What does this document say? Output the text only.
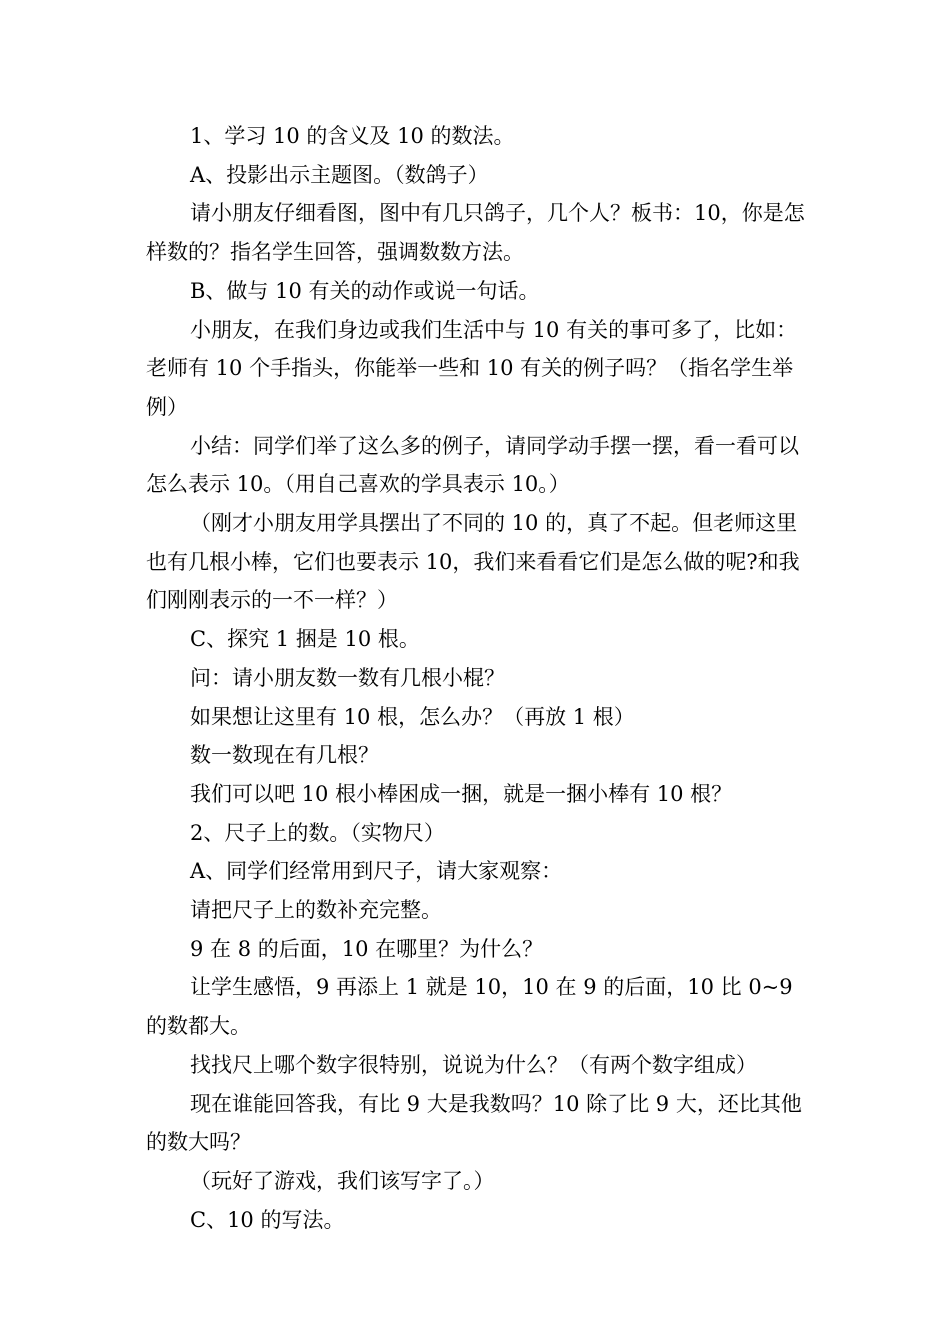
1、学习 10 的含义及 10 的数法。

A、投影出示主题图。（数鸽子）

请小朋友仔细看图，图中有几只鸽子，几个人？板书：10，你是怎样数的？指名学生回答，强调数数方法。

B、做与 10 有关的动作或说一句话。

小朋友，在我们身边或我们生活中与 10 有关的事可多了，比如：老师有 10 个手指头，你能举一些和 10 有关的例子吗？（指名学生举例）

小结：同学们举了这么多的例子，请同学动手摆一摆，看一看可以怎么表示 10。（用自己喜欢的学具表示 10。）

（刚才小朋友用学具摆出了不同的 10 的，真了不起。但老师这里也有几根小棒，它们也要表示 10，我们来看看它们是怎么做的呢?和我们刚刚表示的一不一样？）

C、探究 1 捆是 10 根。

问：请小朋友数一数有几根小棍？

如果想让这里有 10 根，怎么办？（再放 1 根）

数一数现在有几根？

我们可以吧 10 根小棒困成一捆，就是一捆小棒有 10 根？

2、尺子上的数。（实物尺）

A、同学们经常用到尺子，请大家观察：

请把尺子上的数补充完整。

9 在 8 的后面，10 在哪里？为什么？

让学生感悟，9 再添上 1 就是 10，10 在 9 的后面，10 比 0~9 的数都大。

找找尺上哪个数字很特别，说说为什么？（有两个数字组成）

现在谁能回答我，有比 9 大是我数吗？10 除了比 9 大，还比其他的数大吗？

（玩好了游戏，我们该写字了。）

C、10 的写法。
